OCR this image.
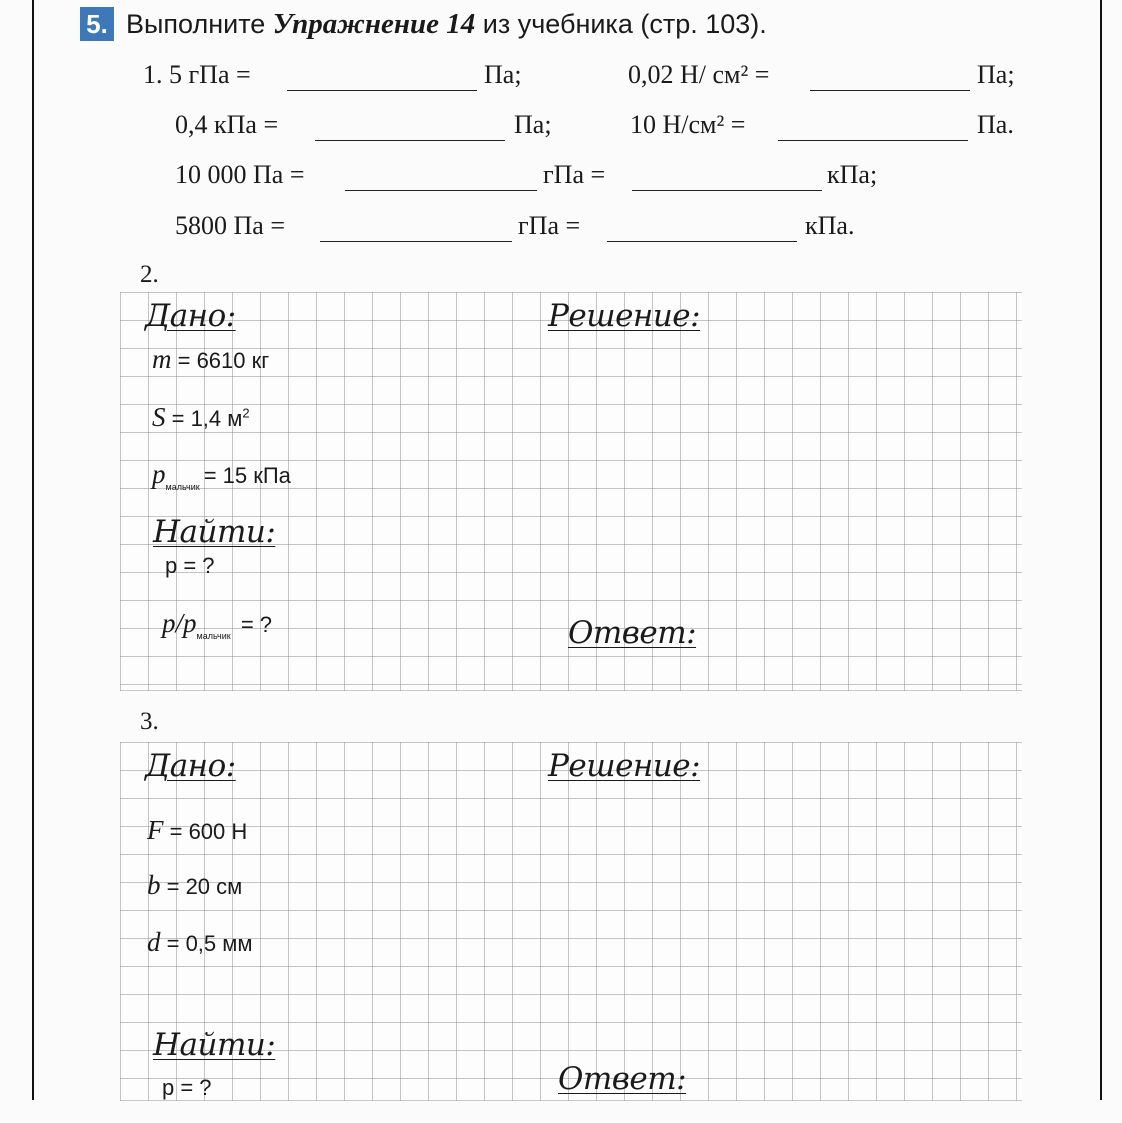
5. Выполните Упражнение 14 из учебника (стр. 103).
1. 5 гПа =	Па;	0,02 Н/ см² =	Па;
0,4 кПа =	Па;	10 Н/см² =	Па.
10 000 Па =	гПа =	кПа;
5800 Па =	гПа =	кПа.
2.
Дано:	Решение:
m = 6610 кг
S = 1,4 $м^2$
$p_{мальчик} = 15$ кПа
Найти:
p = ?
$p/p_{мальчик}$ = ?	Ответ:
3.
Дано:	Решение:
F = 600 Н
b = 20 см
d = 0,5 мм
Найти:
p = ?	Ответ:
